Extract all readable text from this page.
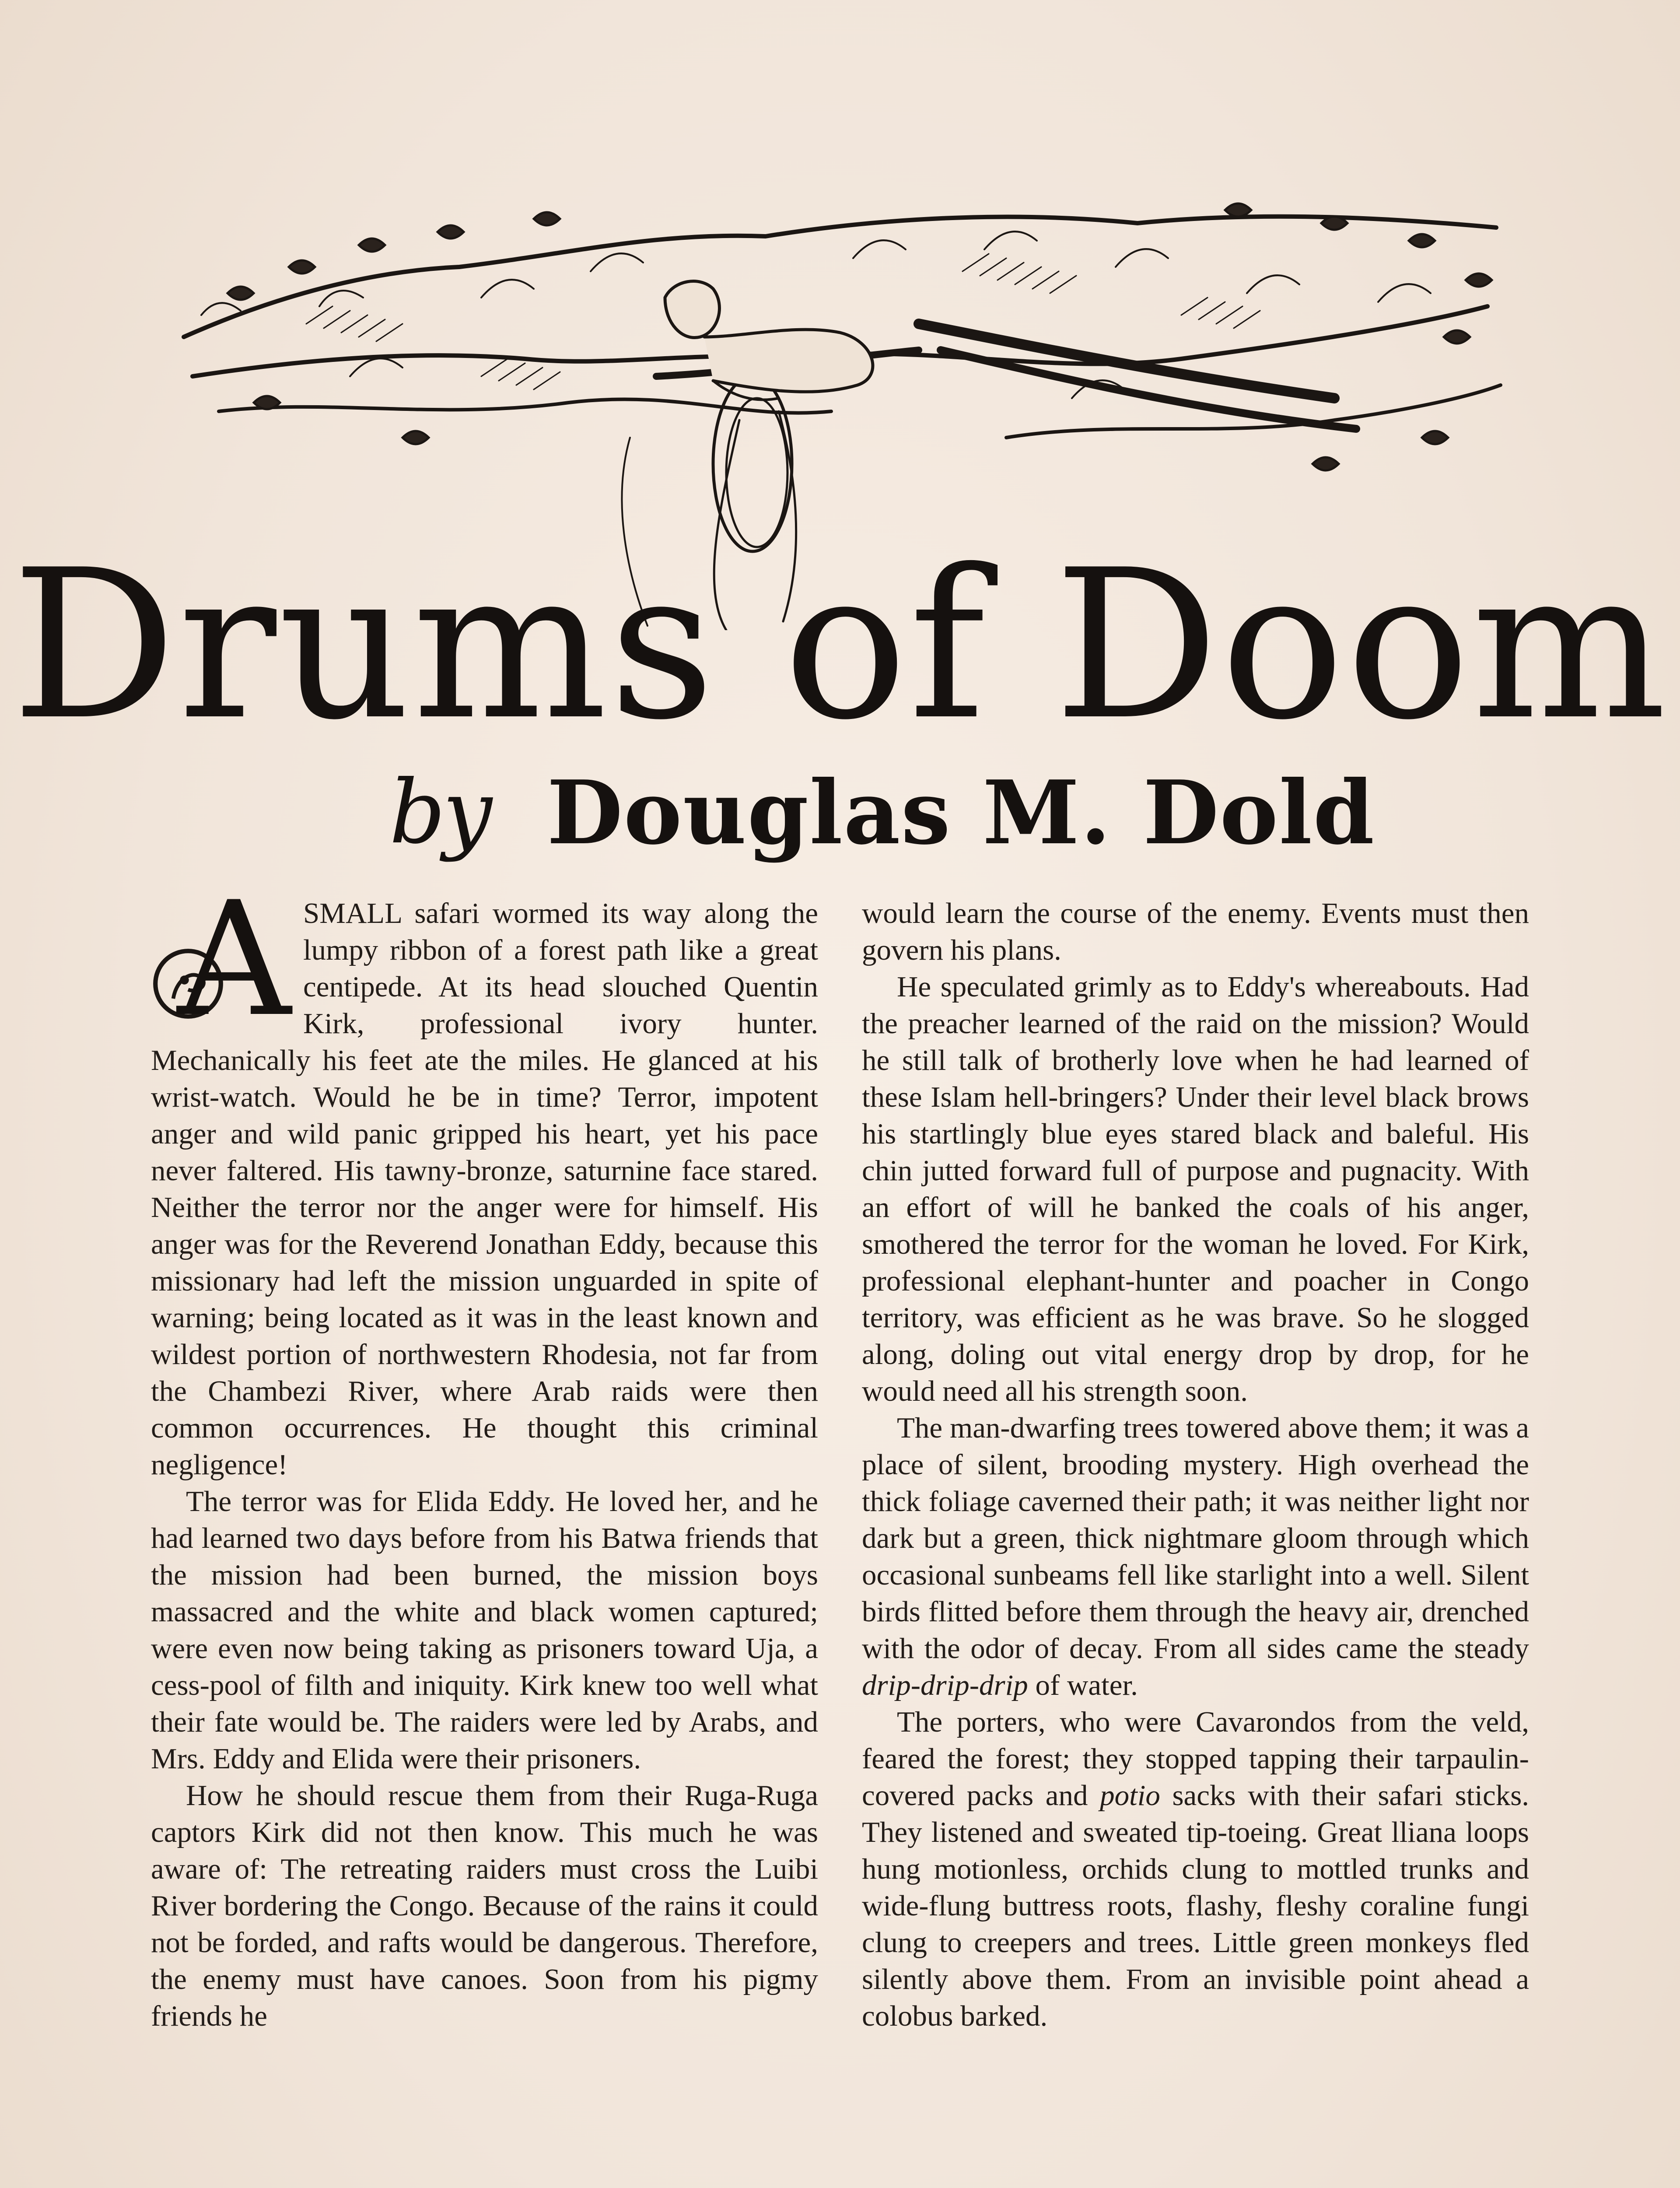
Drums of Doom
by Douglas M. Dold
A SMALL safari wormed its way along the lumpy ribbon of a forest path like a great centipede. At its head slouched Quentin Kirk, professional ivory hunter. Mechanically his feet ate the miles. He glanced at his wrist-watch. Would he be in time? Terror, impotent anger and wild panic gripped his heart, yet his pace never faltered. His tawny-bronze, saturnine face stared. Neither the terror nor the anger were for himself. His anger was for the Reverend Jonathan Eddy, because this missionary had left the mission unguarded in spite of warning; being located as it was in the least known and wildest portion of northwestern Rhodesia, not far from the Chambezi River, where Arab raids were then common occurrences. He thought this criminal negligence!

The terror was for Elida Eddy. He loved her, and he had learned two days before from his Batwa friends that the mission had been burned, the mission boys massacred and the white and black women captured; were even now being taking as prisoners toward Uja, a cess-pool of filth and iniquity. Kirk knew too well what their fate would be. The raiders were led by Arabs, and Mrs. Eddy and Elida were their prisoners.

How he should rescue them from their Ruga-Ruga captors Kirk did not then know. This much he was aware of: The retreating raiders must cross the Luibi River bordering the Congo. Because of the rains it could not be forded, and rafts would be dangerous. Therefore, the enemy must have canoes. Soon from his pigmy friends he

would learn the course of the enemy. Events must then govern his plans.

He speculated grimly as to Eddy's whereabouts. Had the preacher learned of the raid on the mission? Would he still talk of brotherly love when he had learned of these Islam hell-bringers? Under their level black brows his startlingly blue eyes stared black and baleful. His chin jutted forward full of purpose and pugnacity. With an effort of will he banked the coals of his anger, smothered the terror for the woman he loved. For Kirk, professional elephant-hunter and poacher in Congo territory, was efficient as he was brave. So he slogged along, doling out vital energy drop by drop, for he would need all his strength soon.

The man-dwarfing trees towered above them; it was a place of silent, brooding mystery. High overhead the thick foliage caverned their path; it was neither light nor dark but a green, thick nightmare gloom through which occasional sunbeams fell like starlight into a well. Silent birds flitted before them through the heavy air, drenched with the odor of decay. From all sides came the steady drip-drip-drip of water.

The porters, who were Cavarondos from the veld, feared the forest; they stopped tapping their tarpaulin-covered packs and potio sacks with their safari sticks. They listened and sweated tip-toeing. Great lliana loops hung motionless, orchids clung to mottled trunks and wide-flung buttress roots, flashy, fleshy coraline fungi clung to creepers and trees. Little green monkeys fled silently above them. From an invisible point ahead a colobus barked.
